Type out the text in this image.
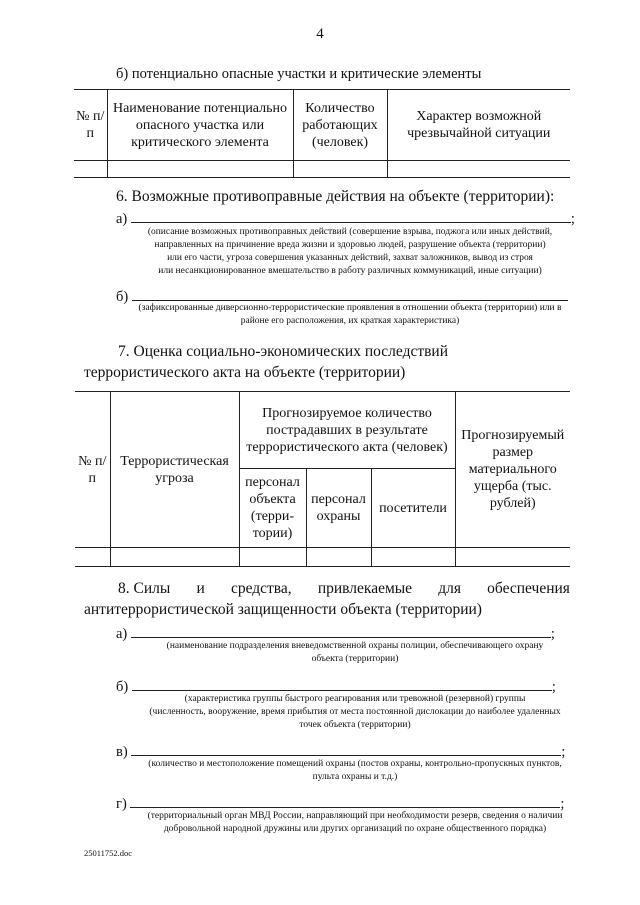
4
б) потенциально опасные участки и критические элементы
№ п/п	Наименование потенциально опасного участка или критического элемента	Количество работающих (человек)	Характер возможной чрезвычайной ситуации

6. Возможные противоправные действия на объекте (территории):
а)	;
(описание возможных противоправных действий (совершение взрыва, поджога или иных действий,
направленных на причинение вреда жизни и здоровью людей, разрушение объекта (территории)
или его части, угроза совершения указанных действий, захват заложников, вывод из строя
или несанкционированное вмешательство в работу различных коммуникаций, иные ситуации)
б)
(зафиксированные диверсионно-террористические проявления в отношении объекта (территории) или в
районе его расположения, их краткая характеристика)
7. Оценка социально-экономических последствий террористического акта на объекте (территории)
№ п/п	Террористическая угроза	Прогнозируемое количество пострадавших в результате террористического акта (человек)			Прогнозируемый размер материального ущерба (тыс. рублей)
		персонал объекта (терри-тории)	персонал охраны	посетители	

8. Силы и средства, привлекаемые для обеспечения
антитеррористической защищенности объекта (территории)
а)	;
(наименование подразделения вневедомственной охраны полиции, обеспечивающего охрану
объекта (территории)
б)	;
(характеристика группы быстрого реагирования или тревожной (резервной) группы
(численность, вооружение, время прибытия от места постоянной дислокации до наиболее удаленных
точек объекта (территории)
в)	;
(количество и местоположение помещений охраны (постов охраны, контрольно-пропускных пунктов,
пульта охраны и т.д.)
г)	;
(территориальный орган МВД России, направляющий при необходимости резерв, сведения о наличии
добровольной народной дружины или других организаций по охране общественного порядка)
25011752.doc
